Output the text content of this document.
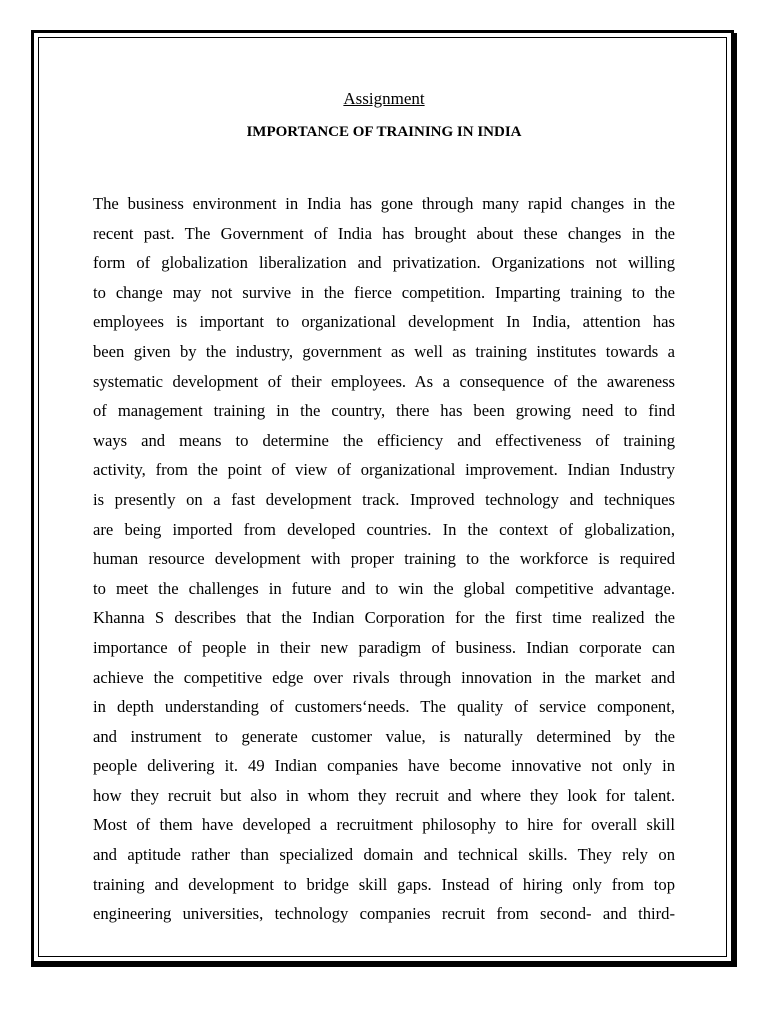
Assignment
IMPORTANCE OF TRAINING IN INDIA
The business environment in India has gone through many rapid changes in the
recent past. The Government of India has brought about these changes in the
form of globalization liberalization and privatization. Organizations not willing
to change may not survive in the fierce competition. Imparting training to the
employees is important to organizational development In India, attention has
been given by the industry, government as well as training institutes towards a
systematic development of their employees. As a consequence of the awareness
of management training in the country, there has been growing need to find
ways and means to determine the efficiency and effectiveness of training
activity, from the point of view of organizational improvement. Indian Industry
is presently on a fast development track. Improved technology and techniques
are being imported from developed countries. In the context of globalization,
human resource development with proper training to the workforce is required
to meet the challenges in future and to win the global competitive advantage.
Khanna S describes that the Indian Corporation for the first time realized the
importance of people in their new paradigm of business. Indian corporate can
achieve the competitive edge over rivals through innovation in the market and
in depth understanding of customers‘needs. The quality of service component,
and instrument to generate customer value, is naturally determined by the
people delivering it. 49 Indian companies have become innovative not only in
how they recruit but also in whom they recruit and where they look for talent.
Most of them have developed a recruitment philosophy to hire for overall skill
and aptitude rather than specialized domain and technical skills. They rely on
training and development to bridge skill gaps. Instead of hiring only from top
engineering universities, technology companies recruit from second- and third-
